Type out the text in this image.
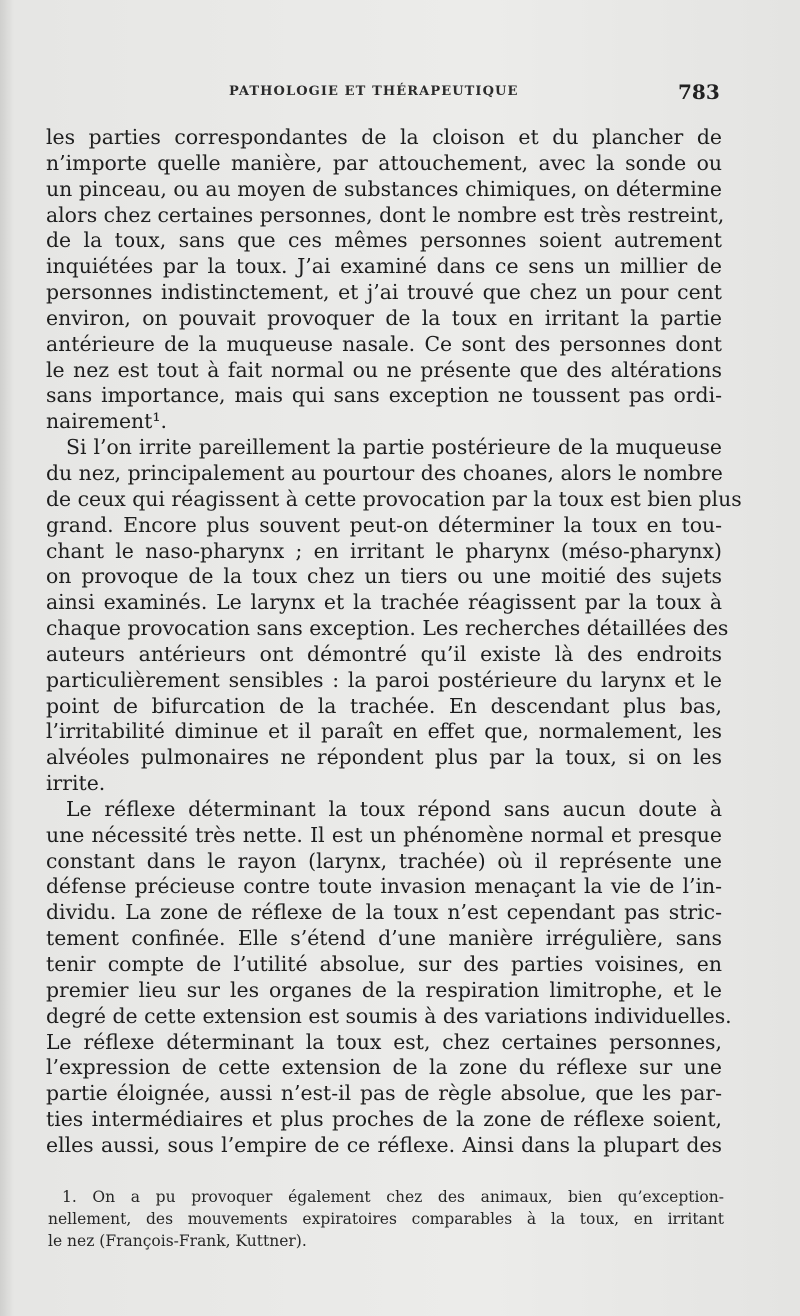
PATHOLOGIE ET THÉRAPEUTIQUE	783
les parties correspondantes de la cloison et du plancher de
n’importe quelle manière, par attouchement, avec la sonde ou
un pinceau, ou au moyen de substances chimiques, on détermine
alors chez certaines personnes, dont le nombre est très restreint,
de la toux, sans que ces mêmes personnes soient autrement
inquiétées par la toux. J’ai examiné dans ce sens un millier de
personnes indistinctement, et j’ai trouvé que chez un pour cent
environ, on pouvait provoquer de la toux en irritant la partie
antérieure de la muqueuse nasale. Ce sont des personnes dont
le nez est tout à fait normal ou ne présente que des altérations
sans importance, mais qui sans exception ne toussent pas ordi-
nairement¹.
Si l’on irrite pareillement la partie postérieure de la muqueuse
du nez, principalement au pourtour des choanes, alors le nombre
de ceux qui réagissent à cette provocation par la toux est bien plus
grand. Encore plus souvent peut-on déterminer la toux en tou-
chant le naso-pharynx ; en irritant le pharynx (méso-pharynx)
on provoque de la toux chez un tiers ou une moitié des sujets
ainsi examinés. Le larynx et la trachée réagissent par la toux à
chaque provocation sans exception. Les recherches détaillées des
auteurs antérieurs ont démontré qu’il existe là des endroits
particulièrement sensibles : la paroi postérieure du larynx et le
point de bifurcation de la trachée. En descendant plus bas,
l’irritabilité diminue et il paraît en effet que, normalement, les
alvéoles pulmonaires ne répondent plus par la toux, si on les
irrite.
Le réflexe déterminant la toux répond sans aucun doute à
une nécessité très nette. Il est un phénomène normal et presque
constant dans le rayon (larynx, trachée) où il représente une
défense précieuse contre toute invasion menaçant la vie de l’in-
dividu. La zone de réflexe de la toux n’est cependant pas stric-
tement confinée. Elle s’étend d’une manière irrégulière, sans
tenir compte de l’utilité absolue, sur des parties voisines, en
premier lieu sur les organes de la respiration limitrophe, et le
degré de cette extension est soumis à des variations individuelles.
Le réflexe déterminant la toux est, chez certaines personnes,
l’expression de cette extension de la zone du réflexe sur une
partie éloignée, aussi n’est-il pas de règle absolue, que les par-
ties intermédiaires et plus proches de la zone de réflexe soient,
elles aussi, sous l’empire de ce réflexe. Ainsi dans la plupart des
1. On a pu provoquer également chez des animaux, bien qu’exception-
nellement, des mouvements expiratoires comparables à la toux, en irritant
le nez (François-Frank, Kuttner).
